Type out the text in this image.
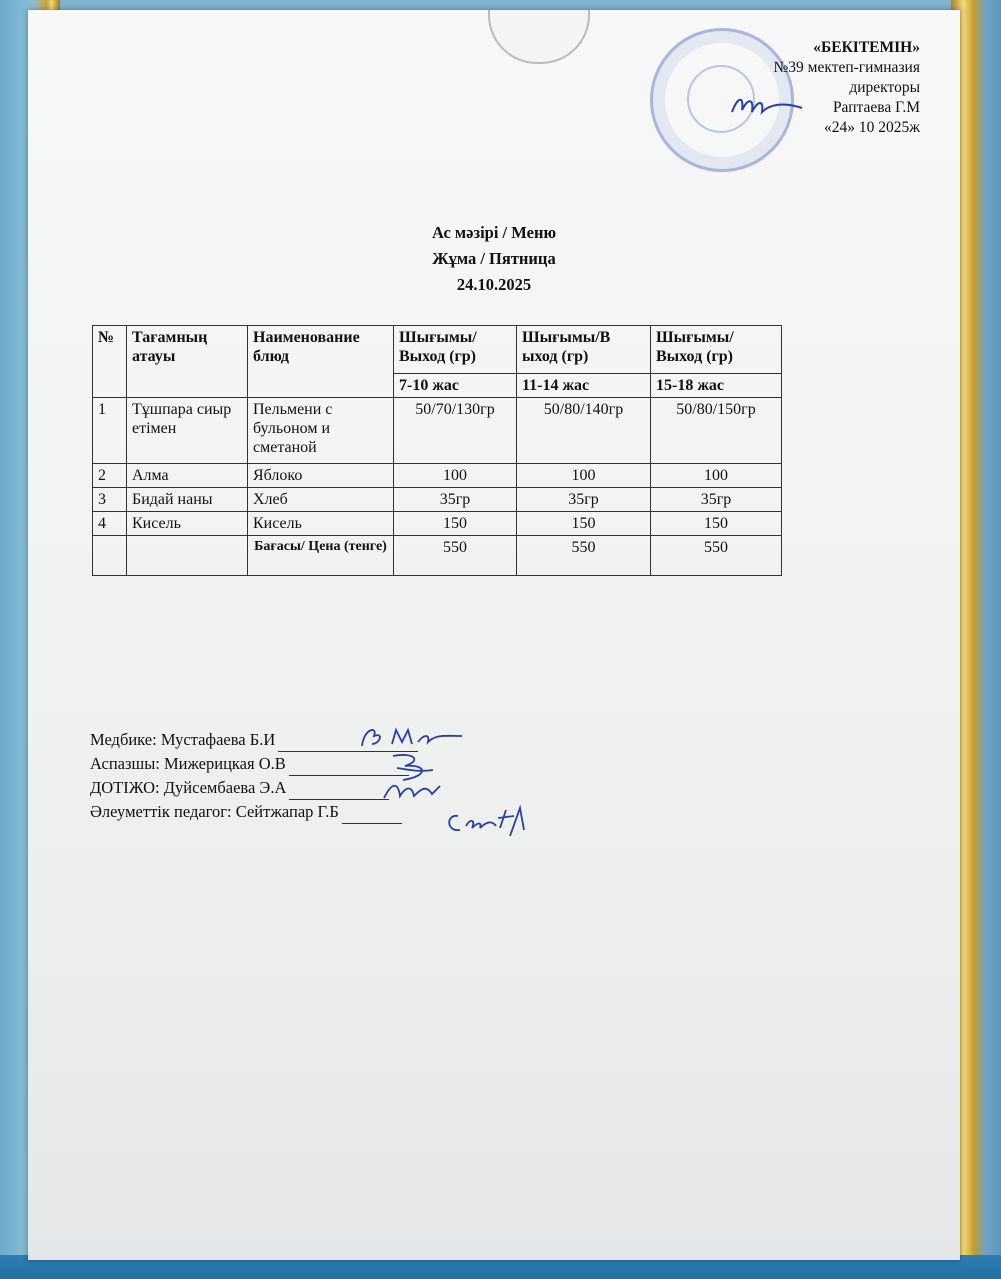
«БЕКІТЕМІН»
№39 мектеп-гимназия
директоры
Раптаева Г.М
«24» 10 2025ж
Ас мәзірі / Меню
Жұма / Пятница
24.10.2025
№	Тағамның атауы	Наименование блюд	Шығымы/ Выход (гр)	Шығымы/В ыход (гр)	Шығымы/ Выход (гр)
			7-10 жас	11-14 жас	15-18 жас
1	Тұшпара сиыр етімен	Пельмени с бульоном и сметаной	50/70/130гр	50/80/140гр	50/80/150гр
2	Алма	Яблоко	100	100	100
3	Бидай наны	Хлеб	35гр	35гр	35гр
4	Кисель	Кисель	150	150	150
		Бағасы/ Цена (тенге)	550	550	550
Медбике: Мустафаева Б.И
Аспазшы: Мижерицкая О.В
ДОТІЖО: Дуйсембаева Э.А
Әлеуметтік педагог: Сейтжапар Г.Б
